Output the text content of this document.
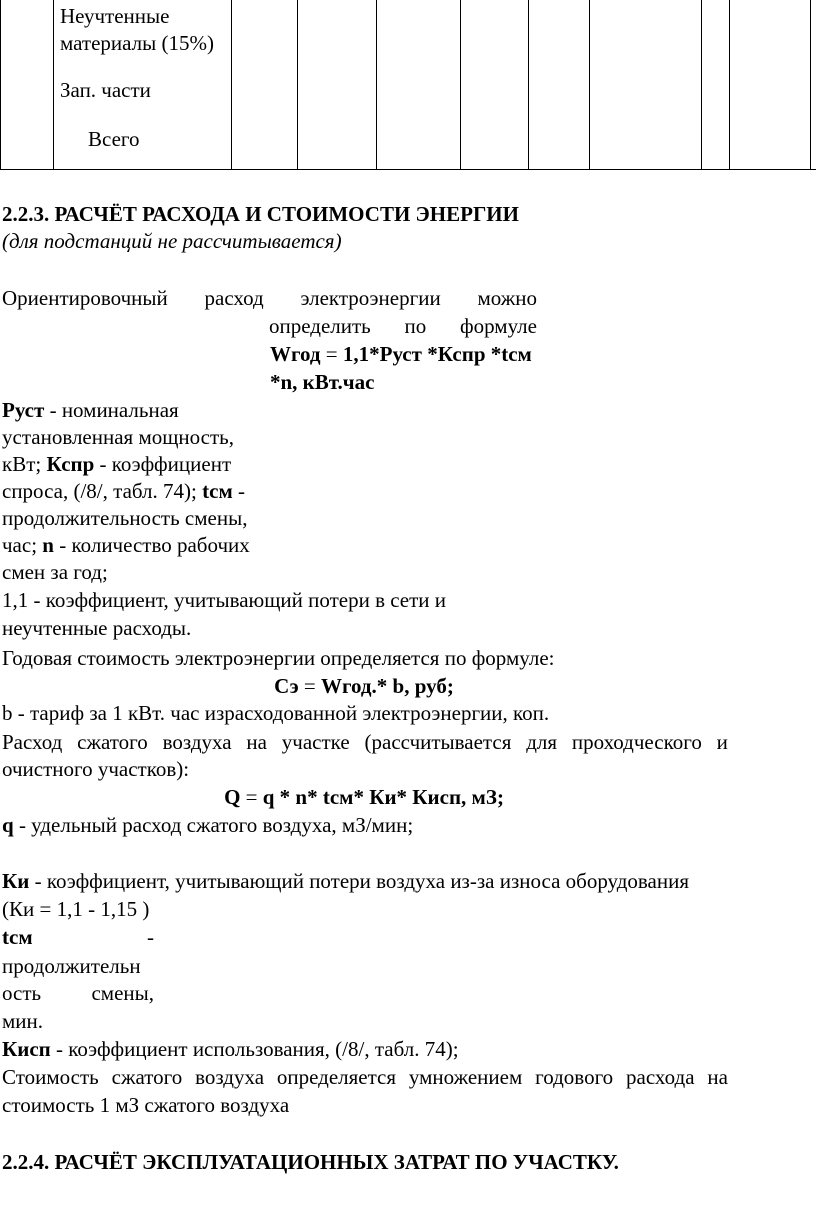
Неучтенные
материалы (15%)
Зап. части
Всего
2.2.3. РАСЧЁТ РАСХОДА И СТОИМОСТИ ЭНЕРГИИ
(для подстанций не рассчитывается)
Ориентировочный расход электроэнергии можно
определить по формуле
Wгод = 1,1*Руст *Кспр *tсм
*n, кВт.час
Руст - номинальная
установленная мощность,
кВт; Кспр - коэффициент
спроса, (/8/, табл. 74); tсм -
продолжительность смены,
час; n - количество рабочих
смен за год;
1,1 - коэффициент, учитывающий потери в сети и
неучтенные расходы.
Годовая стоимость электроэнергии определяется по формуле:
Сэ = Wгод.* b, руб;
b - тариф за 1 кВт. час израсходованной электроэнергии, коп.
Расход сжатого воздуха на участке (рассчитывается для проходческого и
очистного участков):
Q = q * n* tсм* Ки* Кисп, мЗ;
q - удельный расход сжатого воздуха, мЗ/мин;
Ки - коэффициент, учитывающий потери воздуха из-за износа оборудования
(Ки = 1,1 - 1,15 )
tсм	-
продолжительн
ость смены,
мин.
Кисп - коэффициент использования, (/8/, табл. 74);
Стоимость сжатого воздуха определяется умножением годового расхода на
стоимость 1 мЗ сжатого воздуха
2.2.4. РАСЧЁТ ЭКСПЛУАТАЦИОННЫХ ЗАТРАТ ПО УЧАСТКУ.
